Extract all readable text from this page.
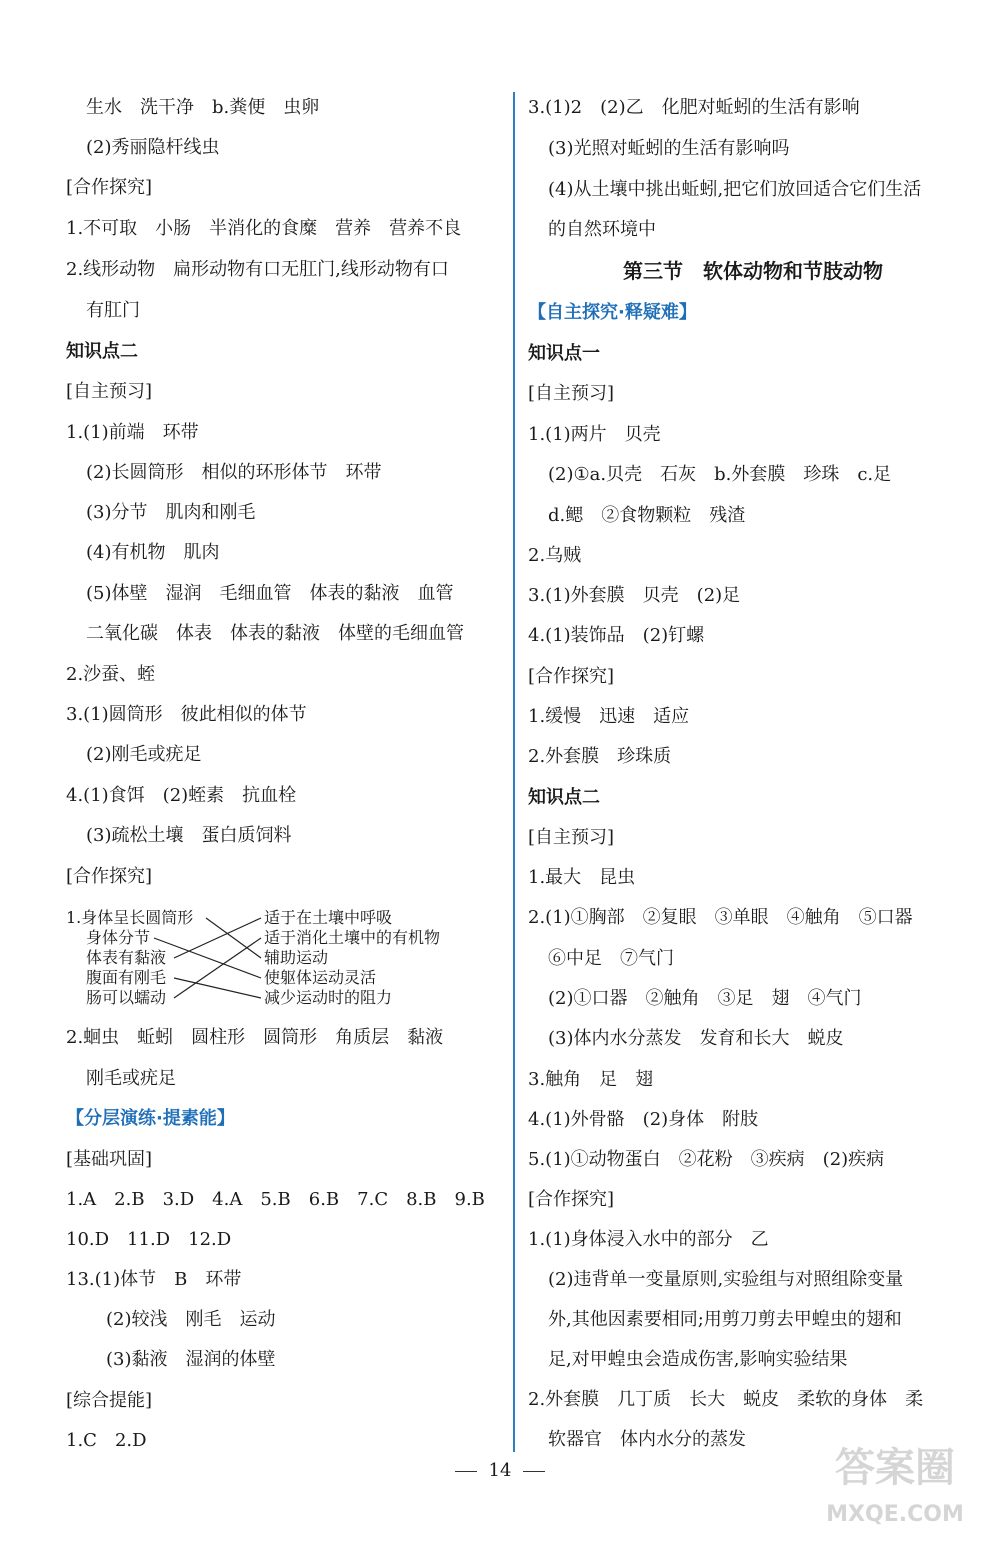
生水　洗干净　b.粪便　虫卵
(2)秀丽隐杆线虫
[合作探究]
1.不可取　小肠　半消化的食糜　营养　营养不良
2.线形动物　扁形动物有口无肛门,线形动物有口
有肛门
知识点二
[自主预习]
1.(1)前端　环带
(2)长圆筒形　相似的环形体节　环带
(3)分节　肌肉和刚毛
(4)有机物　肌肉
(5)体壁　湿润　毛细血管　体表的黏液　血管
二氧化碳　体表　体表的黏液　体壁的毛细血管
2.沙蚕、蛭
3.(1)圆筒形　彼此相似的体节
(2)刚毛或疣足
4.(1)食饵　(2)蛭素　抗血栓
(3)疏松土壤　蛋白质饲料
[合作探究]
1.身体呈长圆筒形
身体分节
体表有黏液
腹面有刚毛
肠可以蠕动
适于在土壤中呼吸
适于消化土壤中的有机物
辅助运动
使躯体运动灵活
减少运动时的阻力
2.蛔虫　蚯蚓　圆柱形　圆筒形　角质层　黏液
刚毛或疣足
【分层演练·提素能】
[基础巩固]
1.A　2.B　3.D　4.A　5.B　6.B　7.C　8.B　9.B
10.D　11.D　12.D
13.(1)体节　B　环带
(2)较浅　刚毛　运动
(3)黏液　湿润的体壁
[综合提能]
1.C　2.D
3.(1)2　(2)乙　化肥对蚯蚓的生活有影响
(3)光照对蚯蚓的生活有影响吗
(4)从土壤中挑出蚯蚓,把它们放回适合它们生活
的自然环境中
第三节　软体动物和节肢动物
【自主探究·释疑难】
知识点一
[自主预习]
1.(1)两片　贝壳
(2)①a.贝壳　石灰　b.外套膜　珍珠　c.足
d.鳃　②食物颗粒　残渣
2.乌贼
3.(1)外套膜　贝壳　(2)足
4.(1)装饰品　(2)钉螺
[合作探究]
1.缓慢　迅速　适应
2.外套膜　珍珠质
知识点二
[自主预习]
1.最大　昆虫
2.(1)①胸部　②复眼　③单眼　④触角　⑤口器
⑥中足　⑦气门
(2)①口器　②触角　③足　翅　④气门
(3)体内水分蒸发　发育和长大　蜕皮
3.触角　足　翅
4.(1)外骨骼　(2)身体　附肢
5.(1)①动物蛋白　②花粉　③疾病　(2)疾病
[合作探究]
1.(1)身体浸入水中的部分　乙
(2)违背单一变量原则,实验组与对照组除变量
外,其他因素要相同;用剪刀剪去甲蝗虫的翅和
足,对甲蝗虫会造成伤害,影响实验结果
2.外套膜　几丁质　长大　蜕皮　柔软的身体　柔
软器官　体内水分的蒸发
14	答案圈
MXQE.COM
